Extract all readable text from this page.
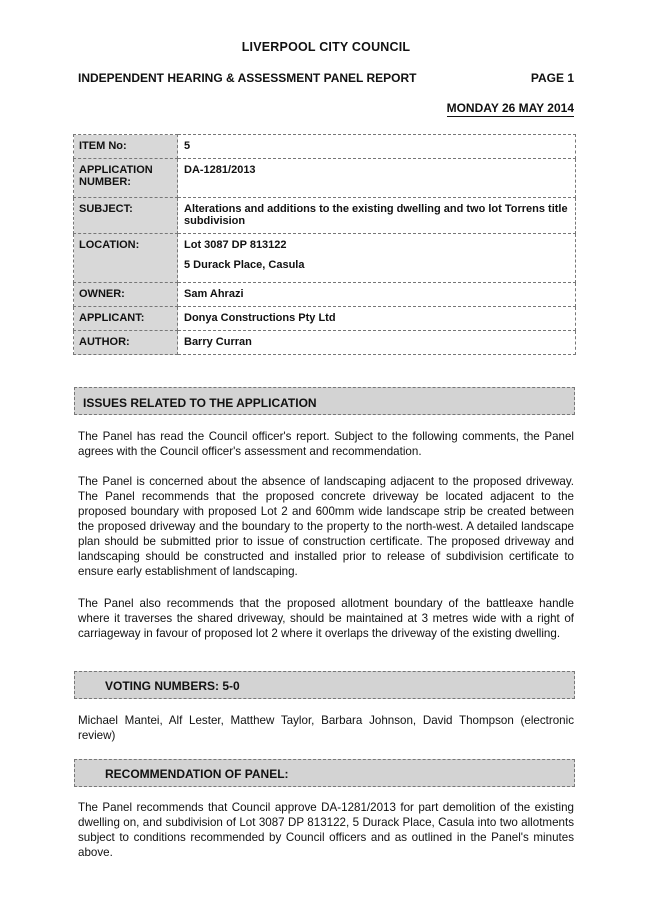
LIVERPOOL CITY COUNCIL
INDEPENDENT HEARING & ASSESSMENT PANEL REPORT	PAGE 1
MONDAY 26 MAY 2014
ITEM No:	5

APPLICATION NUMBER:	DA-1281/2013

SUBJECT:	Alterations and additions to the existing dwelling and two lot Torrens title subdivision

LOCATION:	Lot 3087 DP 813122
5 Durack Place, Casula

OWNER:	Sam Ahrazi

APPLICANT:	Donya Constructions Pty Ltd

AUTHOR:	Barry Curran
ISSUES RELATED TO THE APPLICATION

The Panel has read the Council officer's report. Subject to the following comments, the Panel agrees with the Council officer's assessment and recommendation.

The Panel is concerned about the absence of landscaping adjacent to the proposed driveway. The Panel recommends that the proposed concrete driveway be located adjacent to the proposed boundary with proposed Lot 2 and 600mm wide landscape strip be created between the proposed driveway and the boundary to the property to the north-west. A detailed landscape plan should be submitted prior to issue of construction certificate. The proposed driveway and landscaping should be constructed and installed prior to release of subdivision certificate to ensure early establishment of landscaping.

The Panel also recommends that the proposed allotment boundary of the battleaxe handle where it traverses the shared driveway, should be maintained at 3 metres wide with a right of carriageway in favour of proposed lot 2 where it overlaps the driveway of the existing dwelling.

VOTING NUMBERS: 5-0

Michael Mantei, Alf Lester, Matthew Taylor, Barbara Johnson, David Thompson (electronic review)

RECOMMENDATION OF PANEL:

The Panel recommends that Council approve DA-1281/2013 for part demolition of the existing dwelling on, and subdivision of Lot 3087 DP 813122, 5 Durack Place, Casula into two allotments subject to conditions recommended by Council officers and as outlined in the Panel's minutes above.
